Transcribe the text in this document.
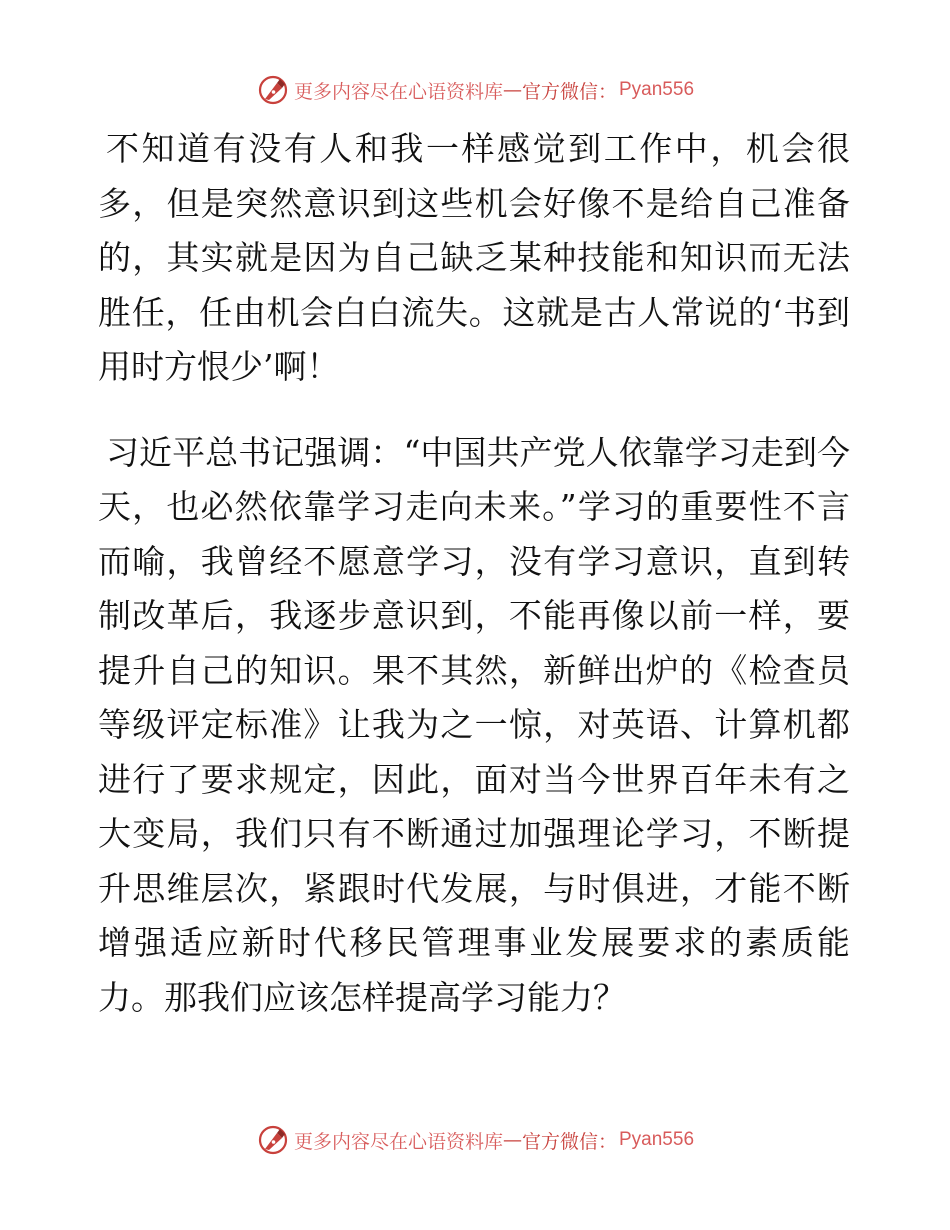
更多内容尽在心语资料库 — 官方微信： Pyan556

不知道有没有人和我一样感觉到工作中，机会很多，但是突然意识到这些机会好像不是给自己准备的，其实就是因为自己缺乏某种技能和知识而无法胜任，任由机会白白流失。这就是古人常说的‘书到用时方恨少’啊！

习近平总书记强调：“中国共产党人依靠学习走到今天，也必然依靠学习走向未来。”学习的重要性不言而喻，我曾经不愿意学习，没有学习意识，直到转制改革后，我逐步意识到，不能再像以前一样，要提升自己的知识。果不其然，新鲜出炉的《检查员等级评定标准》让我为之一惊，对英语、计算机都进行了要求规定，因此，面对当今世界百年未有之大变局，我们只有不断通过加强理论学习，不断提升思维层次，紧跟时代发展，与时俱进，才能不断增强适应新时代移民管理事业发展要求的素质能力。那我们应该怎样提高学习能力？

更多内容尽在心语资料库 — 官方微信： Pyan556
